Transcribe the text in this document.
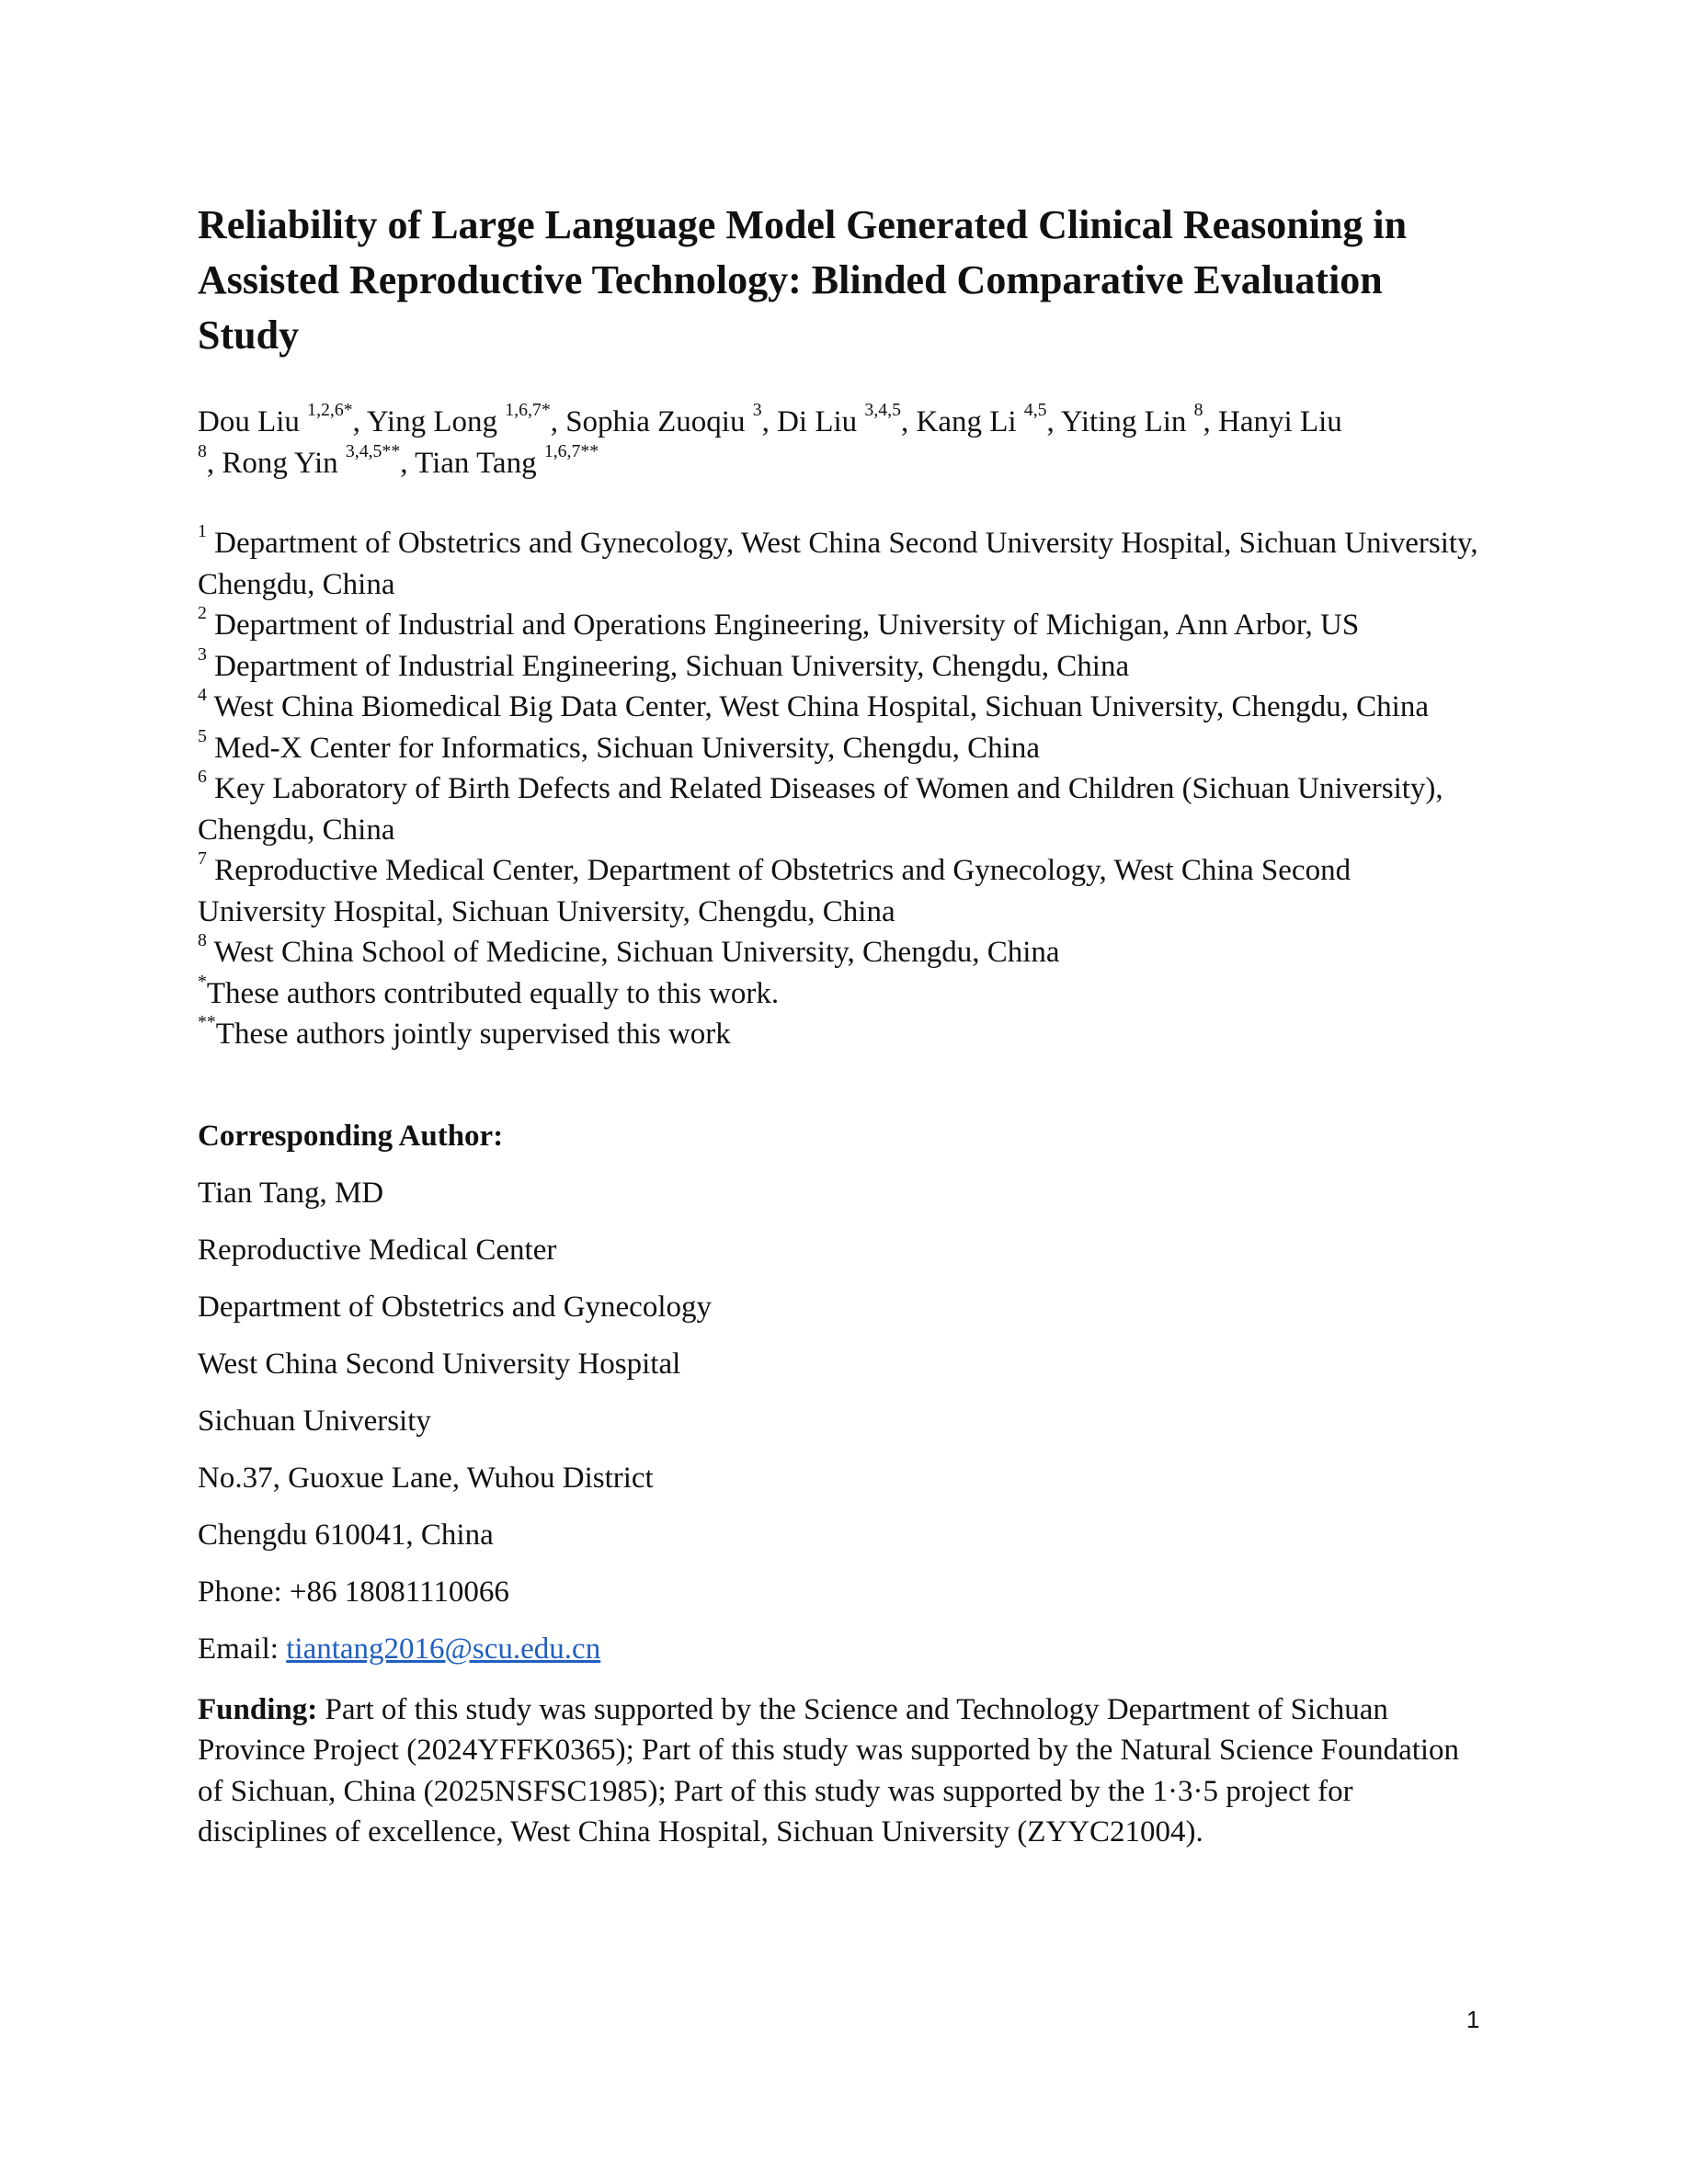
Reliability of Large Language Model Generated Clinical Reasoning in Assisted Reproductive Technology: Blinded Comparative Evaluation Study
Dou Liu $^{1,2,6*}$, Ying Long $^{1,6,7*}$, Sophia Zuoqiu $^3$, Di Liu $^{3,4,5}$, Kang Li $^{4,5}$, Yiting Lin $^8$, Hanyi Liu
$^8$, Rong Yin $^{3,4,5**}$, Tian Tang $^{1,6,7**}$

$^1$ Department of Obstetrics and Gynecology, West China Second University Hospital, Sichuan University, Chengdu, China

$^2$ Department of Industrial and Operations Engineering, University of Michigan, Ann Arbor, US

$^3$ Department of Industrial Engineering, Sichuan University, Chengdu, China

$^4$ West China Biomedical Big Data Center, West China Hospital, Sichuan University, Chengdu, China

$^5$ Med-X Center for Informatics, Sichuan University, Chengdu, China

$^6$ Key Laboratory of Birth Defects and Related Diseases of Women and Children (Sichuan University), Chengdu, China

$^7$ Reproductive Medical Center, Department of Obstetrics and Gynecology, West China Second University Hospital, Sichuan University, Chengdu, China

$^8$ West China School of Medicine, Sichuan University, Chengdu, China

*These authors contributed equally to this work.

**These authors jointly supervised this work

Corresponding Author:
Tian Tang, MD
Reproductive Medical Center
Department of Obstetrics and Gynecology
West China Second University Hospital
Sichuan University
No.37, Guoxue Lane, Wuhou District
Chengdu 610041, China
Phone: +86 18081110066
Email: tiantang2016@scu.edu.cn
Funding: Part of this study was supported by the Science and Technology Department of Sichuan Province Project (2024YFFK0365); Part of this study was supported by the Natural Science Foundation of Sichuan, China (2025NSFSC1985); Part of this study was supported by the 1·3·5 project for disciplines of excellence, West China Hospital, Sichuan University (ZYYC21004).
1
